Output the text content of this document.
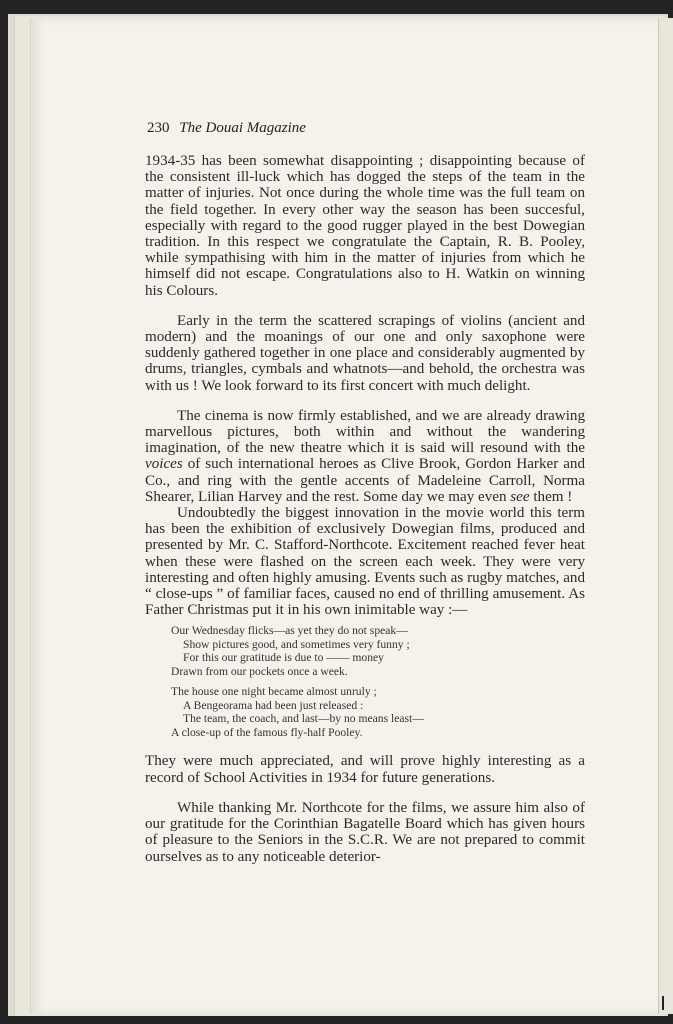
230 The Douai Magazine

1934-35 has been somewhat disappointing ; disappointing because of the consistent ill-luck which has dogged the steps of the team in the matter of injuries. Not once during the whole time was the full team on the field together. In every other way the season has been succesful, especially with regard to the good rugger played in the best Dowegian tradition. In this respect we congratulate the Captain, R. B. Pooley, while sympathising with him in the matter of injuries from which he himself did not escape. Congratulations also to H. Watkin on winning his Colours.

Early in the term the scattered scrapings of violins (ancient and modern) and the moanings of our one and only saxophone were suddenly gathered together in one place and considerably augmented by drums, triangles, cymbals and whatnots—and behold, the orchestra was with us ! We look forward to its first concert with much delight.

The cinema is now firmly established, and we are already drawing marvellous pictures, both within and without the wandering imagination, of the new theatre which it is said will resound with the voices of such international heroes as Clive Brook, Gordon Harker and Co., and ring with the gentle accents of Madeleine Carroll, Norma Shearer, Lilian Harvey and the rest. Some day we may even see them !

Undoubtedly the biggest innovation in the movie world this term has been the exhibition of exclusively Dowegian films, produced and presented by Mr. C. Stafford-Northcote. Excitement reached fever heat when these were flashed on the screen each week. They were very interesting and often highly amusing. Events such as rugby matches, and “ close-ups ” of familiar faces, caused no end of thrilling amusement. As Father Christmas put it in his own inimitable way :—

Our Wednesday flicks—as yet they do not speak—
Show pictures good, and sometimes very funny ;
For this our gratitude is due to —— money
Drawn from our pockets once a week.
The house one night became almost unruly ;
A Bengeorama had been just released :
The team, the coach, and last—by no means least—
A close-up of the famous fly-half Pooley.

They were much appreciated, and will prove highly interesting as a record of School Activities in 1934 for future generations.

While thanking Mr. Northcote for the films, we assure him also of our gratitude for the Corinthian Bagatelle Board which has given hours of pleasure to the Seniors in the S.C.R. We are not prepared to commit ourselves as to any noticeable deterior-
